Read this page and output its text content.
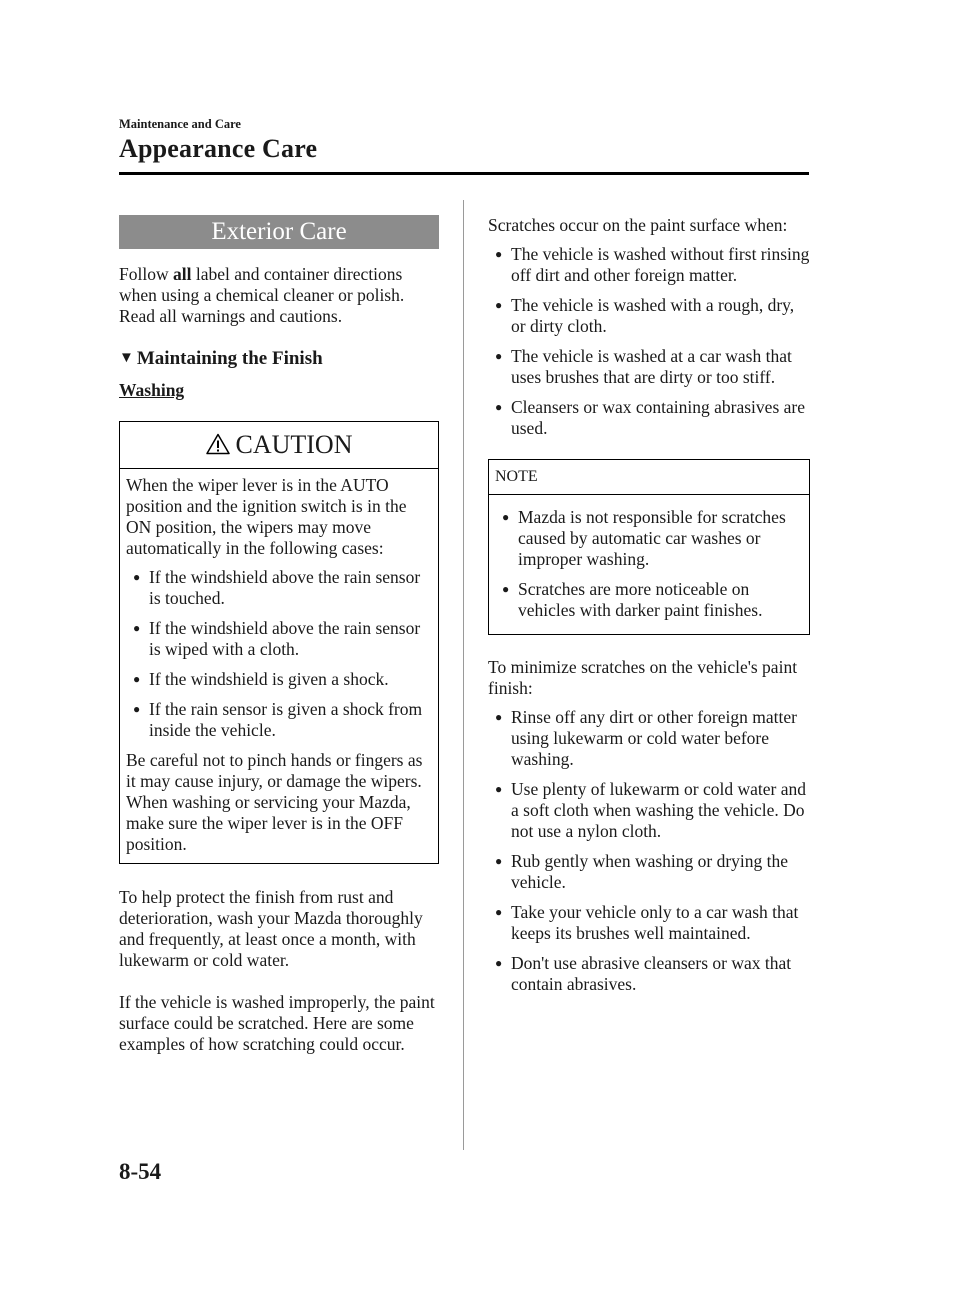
Maintenance and Care
Appearance Care
Exterior Care

Follow all label and container directions when using a chemical cleaner or polish. Read all warnings and cautions.

▼ Maintaining the Finish
Washing
CAUTION

When the wiper lever is in the AUTO position and the ignition switch is in the ON position, the wipers may move automatically in the following cases:

● If the windshield above the rain sensor is touched.
● If the windshield above the rain sensor is wiped with a cloth.
● If the windshield is given a shock.
● If the rain sensor is given a shock from inside the vehicle.

Be careful not to pinch hands or fingers as it may cause injury, or damage the wipers. When washing or servicing your Mazda, make sure the wiper lever is in the OFF position.

To help protect the finish from rust and deterioration, wash your Mazda thoroughly and frequently, at least once a month, with lukewarm or cold water.

If the vehicle is washed improperly, the paint surface could be scratched. Here are some examples of how scratching could occur.

Scratches occur on the paint surface when:

● The vehicle is washed without first rinsing off dirt and other foreign matter.
● The vehicle is washed with a rough, dry, or dirty cloth.
● The vehicle is washed at a car wash that uses brushes that are dirty or too stiff.
● Cleansers or wax containing abrasives are used.
NOTE
● Mazda is not responsible for scratches caused by automatic car washes or improper washing.
● Scratches are more noticeable on vehicles with darker paint finishes.

To minimize scratches on the vehicle's paint finish:

● Rinse off any dirt or other foreign matter using lukewarm or cold water before washing.
● Use plenty of lukewarm or cold water and a soft cloth when washing the vehicle. Do not use a nylon cloth.
● Rub gently when washing or drying the vehicle.
● Take your vehicle only to a car wash that keeps its brushes well maintained.
● Don't use abrasive cleansers or wax that contain abrasives.
8-54
